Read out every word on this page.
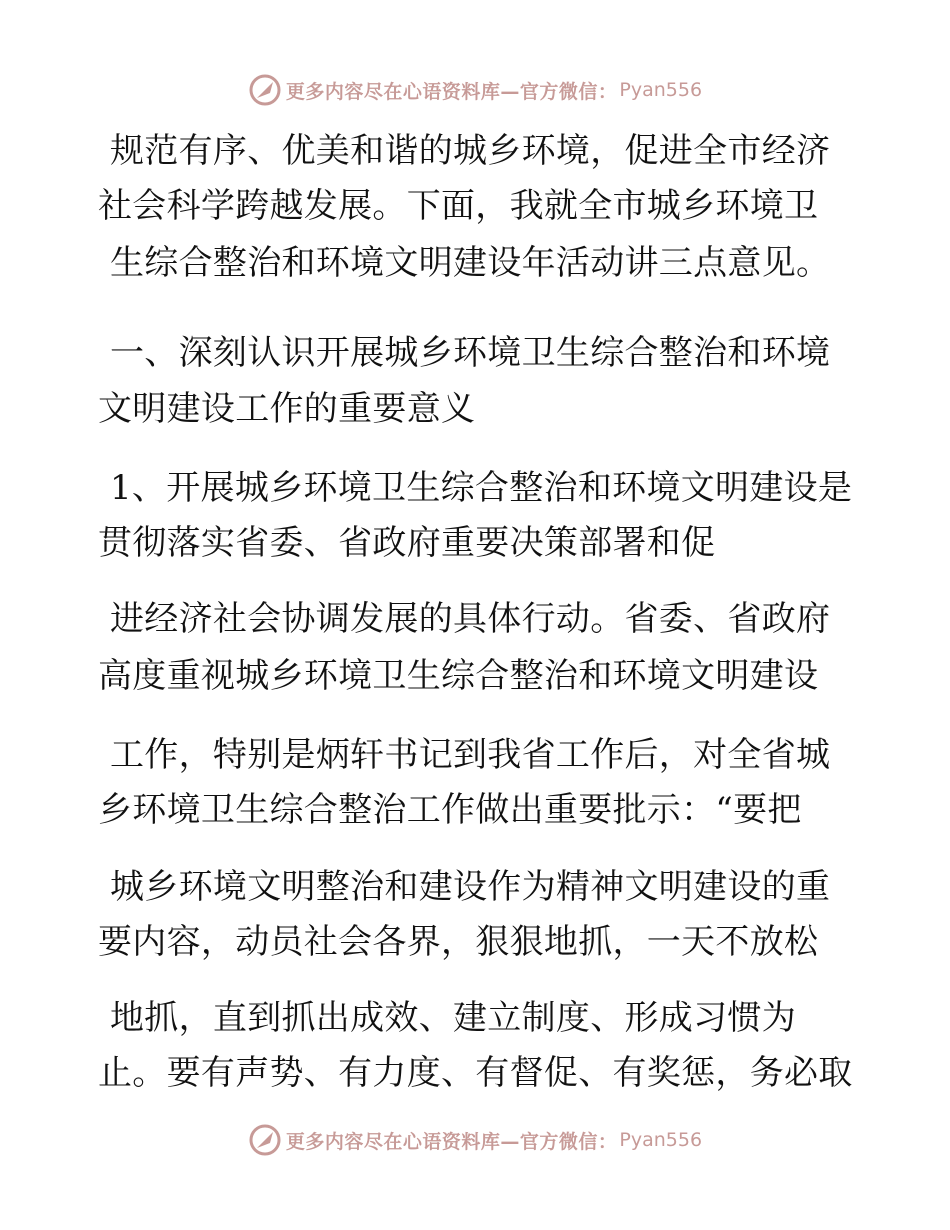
更多内容尽在心语资料库—官方微信： Pyan556
规范有序、优美和谐的城乡环境，促进全市经济
社会科学跨越发展。下面，我就全市城乡环境卫
生综合整治和环境文明建设年活动讲三点意见。
一、深刻认识开展城乡环境卫生综合整治和环境
文明建设工作的重要意义
1、开展城乡环境卫生综合整治和环境文明建设是
贯彻落实省委、省政府重要决策部署和促
进经济社会协调发展的具体行动。省委、省政府
高度重视城乡环境卫生综合整治和环境文明建设
工作，特别是炳轩书记到我省工作后，对全省城
乡环境卫生综合整治工作做出重要批示：“要把
城乡环境文明整治和建设作为精神文明建设的重
要内容，动员社会各界，狠狠地抓，一天不放松
地抓，直到抓出成效、建立制度、形成习惯为
止。要有声势、有力度、有督促、有奖惩，务必取
更多内容尽在心语资料库—官方微信： Pyan556
